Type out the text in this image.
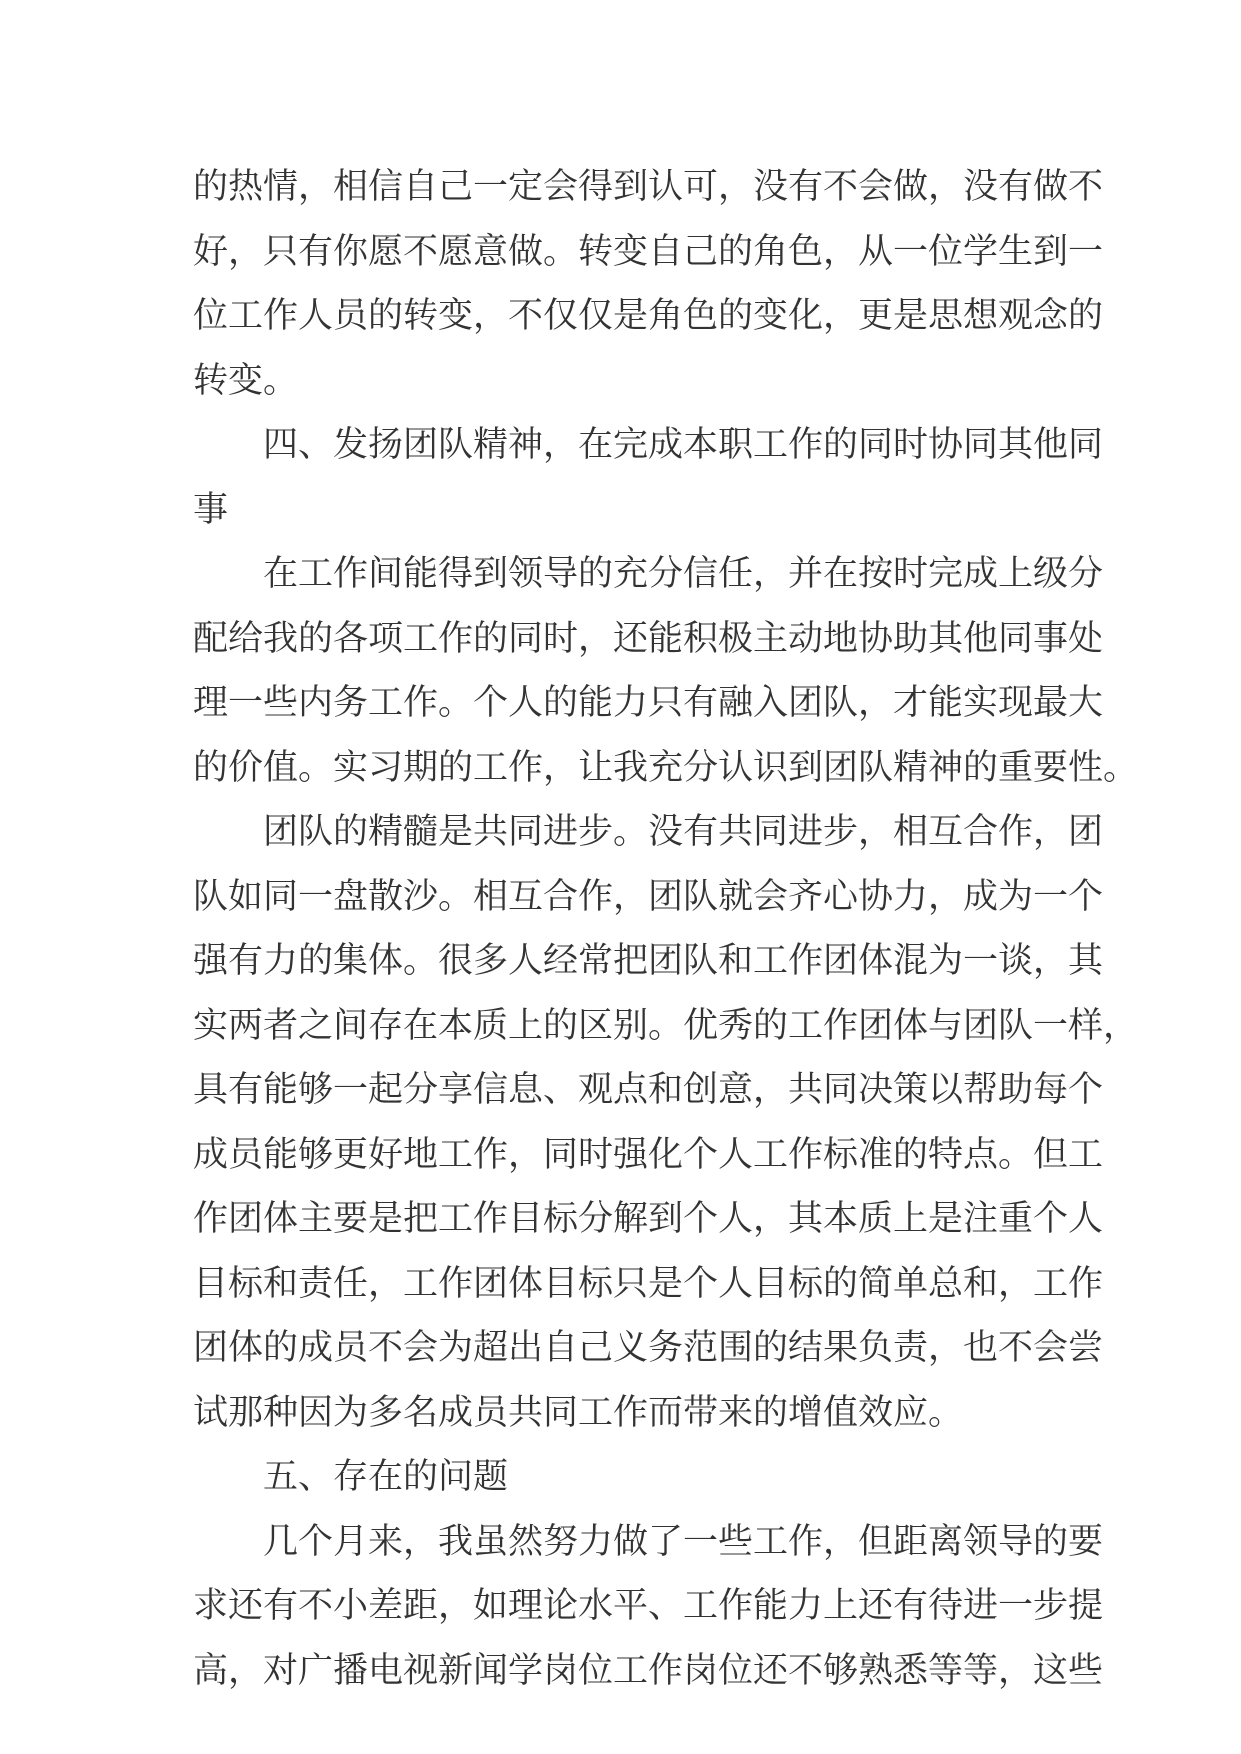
的热情，相信自己一定会得到认可，没有不会做，没有做不
好，只有你愿不愿意做。转变自己的角色，从一位学生到一
位工作人员的转变，不仅仅是角色的变化，更是思想观念的
转变。
四、发扬团队精神，在完成本职工作的同时协同其他同
事
在工作间能得到领导的充分信任，并在按时完成上级分
配给我的各项工作的同时，还能积极主动地协助其他同事处
理一些内务工作。个人的能力只有融入团队，才能实现最大
的价值。实习期的工作，让我充分认识到团队精神的重要性。
团队的精髓是共同进步。没有共同进步，相互合作，团
队如同一盘散沙。相互合作，团队就会齐心协力，成为一个
强有力的集体。很多人经常把团队和工作团体混为一谈，其
实两者之间存在本质上的区别。优秀的工作团体与团队一样，
具有能够一起分享信息、观点和创意，共同决策以帮助每个
成员能够更好地工作，同时强化个人工作标准的特点。但工
作团体主要是把工作目标分解到个人，其本质上是注重个人
目标和责任，工作团体目标只是个人目标的简单总和，工作
团体的成员不会为超出自己义务范围的结果负责，也不会尝
试那种因为多名成员共同工作而带来的增值效应。
五、存在的问题
几个月来，我虽然努力做了一些工作，但距离领导的要
求还有不小差距，如理论水平、工作能力上还有待进一步提
高，对广播电视新闻学岗位工作岗位还不够熟悉等等，这些
